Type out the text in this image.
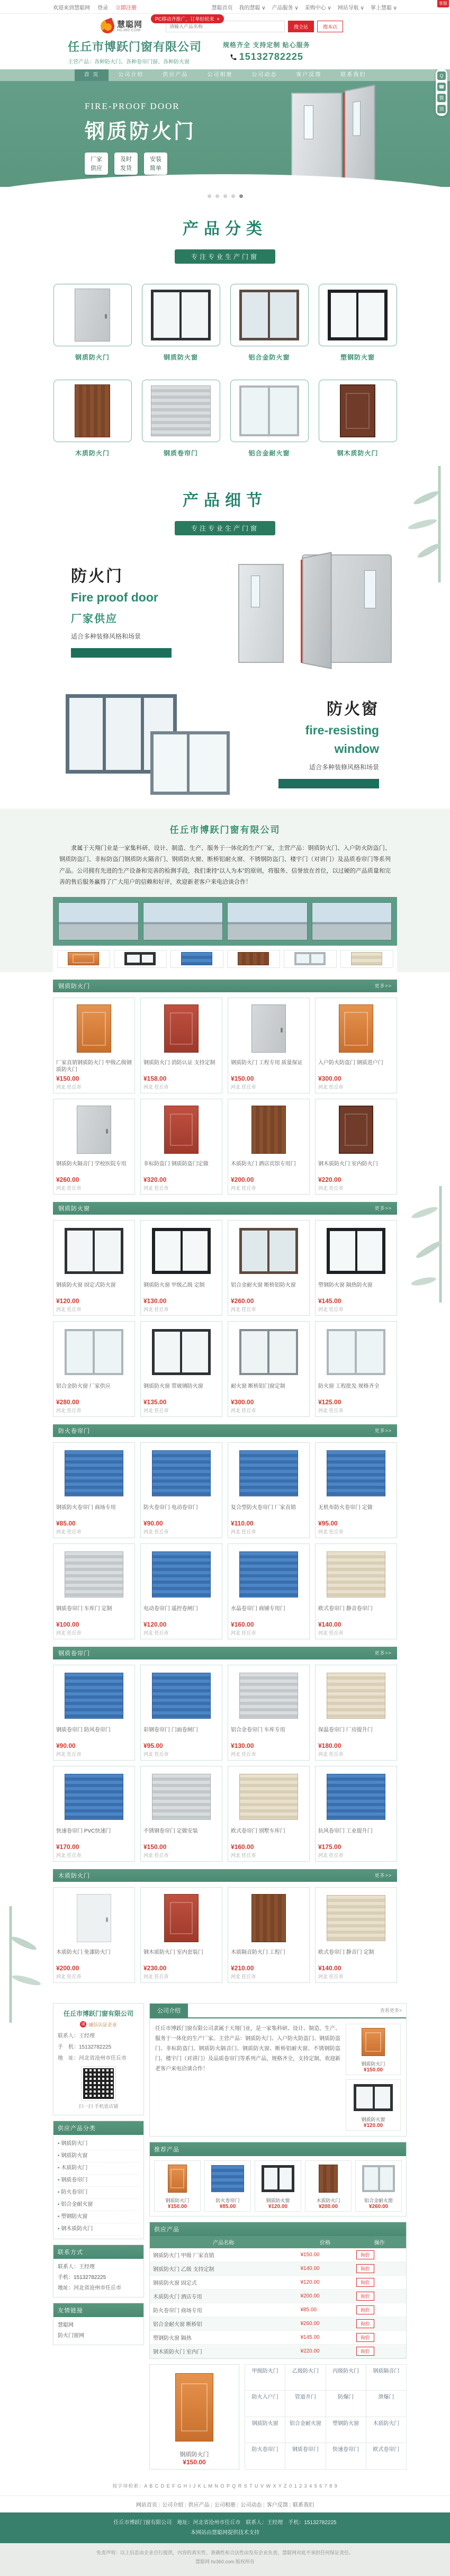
欢迎来到慧聪网 登录 立即注册	慧聪首页 我的慧聪 ∨ 产品服务 ∨ 采购中心 ∨ 网站导航 ∨ 掌上慧聪 ∨
客服
PC移动齐推广，订单轻松来 ×
慧聪网
HC360.COM
请输入产品名称
搜全站	搜本店
任丘市博跃门窗有限公司
主营产品：各种防火门、各种卷帘门窗、各种防火窗
规格齐全 支持定制 贴心服务
15132782225
首 页	公司介绍	供应产品	公司相册	公司动态	客户反馈	联系我们
FIRE-PROOF DOOR
钢质防火门
厂家
供应
及时
发货
安装
简单
Q
☎
微
顶
产品分类
专注专业生产门窗
钢质防火门	钢质防火窗	铝合金防火窗	塑钢防火窗
木质防火门	钢质卷帘门	铝合金耐火窗	钢木质防火门
产品细节
专注专业生产门窗
防火门
Fire proof door
厂家供应
适合多种装修风格和场景
防火窗
fire-resisting
window
适合多种装修风格和场景
任丘市博跃门窗有限公司
隶属于天翔门业是一家集科研、设计、制造、生产、服务于一体化的生产厂家，主营产品：钢质防火门、入户防火防盗门、钢质防盗门、非标防盗门钢质防火隔音门、钢质防火窗、断桥铝耐火窗、不锈钢防盗门、楼宇门（对讲门）及品质卷帘门等系列产品。公司拥有先进的生产设备和完善的检测手段，我们秉持“以人为本”的原则，将服务、信誉放在首位，以过硬的产品质量和完善的售后服务赢得了广大用户的信赖和好评，欢迎新老客户来电洽谈合作！
钢质防火门	更多>>
厂家直销钢质防火门 甲级乙级钢质防火门
¥150.00
河北 任丘市
钢质防火门 消防认证 支持定制
¥158.00
河北 任丘市
钢质防火门 工程专用 质量保证
¥150.00
河北 任丘市
入户防火防盗门 钢质进户门
¥300.00
河北 任丘市
钢质防火隔音门 学校医院专用
¥260.00
河北 任丘市
非标防盗门 钢质防盗门定做
¥320.00
河北 任丘市
木质防火门 酒店宾馆专用门
¥200.00
河北 任丘市
钢木质防火门 室内防火门
¥220.00
河北 任丘市
钢质防火窗	更多>>
钢质防火窗 固定式防火窗
¥120.00
河北 任丘市
钢质防火窗 甲级乙级 定制
¥130.00
河北 任丘市
铝合金耐火窗 断桥铝防火窗
¥260.00
河北 任丘市
塑钢防火窗 隔热防火窗
¥145.00
河北 任丘市
铝合金防火窗 厂家供应
¥280.00
河北 任丘市
钢质防火窗 带玻璃防火窗
¥135.00
河北 任丘市
耐火窗 断桥铝门窗定制
¥300.00
河北 任丘市
防火窗 工程批发 规格齐全
¥125.00
河北 任丘市
防火卷帘门	更多>>
钢质防火卷帘门 商场专用
¥85.00
河北 任丘市
防火卷帘门 电动卷帘门
¥90.00
河北 任丘市
复合型防火卷帘门 厂家直销
¥110.00
河北 任丘市
无机布防火卷帘门 定做
¥95.00
河北 任丘市
钢质卷帘门 车库门 定制
¥100.00
河北 任丘市
电动卷帘门 遥控卷闸门
¥120.00
河北 任丘市
水晶卷帘门 商铺专用门
¥160.00
河北 任丘市
欧式卷帘门 静音卷帘门
¥140.00
河北 任丘市
钢质卷帘门	更多>>
钢质卷帘门 防风卷帘门
¥90.00
河北 任丘市
彩钢卷帘门 门面卷闸门
¥95.00
河北 任丘市
铝合金卷帘门 车库专用
¥130.00
河北 任丘市
保温卷帘门 厂房提升门
¥180.00
河北 任丘市
快速卷帘门 PVC快速门
¥170.00
河北 任丘市
不锈钢卷帘门 定做安装
¥150.00
河北 任丘市
欧式卷帘门 别墅车库门
¥160.00
河北 任丘市
抗风卷帘门 工业提升门
¥175.00
河北 任丘市
木质防火门	更多>>
木质防火门 免漆防火门
¥200.00
河北 任丘市
钢木质防火门 室内套装门
¥230.00
河北 任丘市
木质隔音防火门 工程门
¥210.00
河北 任丘市
欧式卷帘门 静音门 定制
¥140.00
河北 任丘市
任丘市博跃门窗有限公司
诚 诚信认证企业
联系人：王经理
手　机：15132782225
地　址：河北省沧州市任丘市
扫一扫 手机逛店铺
供应产品分类
▪ 钢质防火门
▪ 钢质防火窗
▪ 木质防火门
▪ 钢质卷帘门
▪ 防火卷帘门
▪ 铝合金耐火窗
▪ 塑钢防火窗
▪ 钢木质防火门
联系方式
联系人：王经理
手机：15132782225
地址：河北省沧州市任丘市
友情链接
慧聪网
防火门窗网
公司介绍	查看更多>
任丘市博跃门窗有限公司隶属于天翔门业，是一家集科研、设计、制造、生产、服务于一体化的生产厂家。主营产品：钢质防火门、入户防火防盗门、钢质防盗门、非标防盗门、钢质防火隔音门、钢质防火窗、断桥铝耐火窗、不锈钢防盗门、楼宇门（对讲门）及品质卷帘门等系列产品，规格齐全，支持定制，欢迎新老客户来电洽谈合作！
钢质防火门
¥150.00
钢质防火窗
¥120.00
推荐产品
钢质防火门
¥150.00
防火卷帘门
¥85.00
钢质防火窗
¥120.00
木质防火门
¥200.00
铝合金耐火窗
¥260.00
供应产品
产品名称	价格	操作
钢质防火门 甲级 厂家直销	¥150.00	询价
钢质防火门 乙级 支持定制	¥140.00	询价
钢质防火窗 固定式	¥120.00	询价
木质防火门 酒店专用	¥200.00	询价
防火卷帘门 商场专用	¥85.00	询价
铝合金耐火窗 断桥铝	¥260.00	询价
塑钢防火窗 隔热	¥145.00	询价
钢木质防火门 室内门	¥220.00	询价
钢质防火门
¥150.00
甲级防火门	乙级防火门	丙级防火门	钢质隔音门
防火入户门	管道井门	防爆门	泄爆门
钢质防火窗	铝合金耐火窗	塑钢防火窗	木质防火门
防火卷帘门	钢质卷帘门	快速卷帘门	欧式卷帘门
按字母检索：A B C D E F G H I J K L M N O P Q R S T U V W X Y Z 0 1 2 3 4 5 6 7 8 9
网站首页 | 公司介绍 | 供应产品 | 公司相册 | 公司动态 | 客户反馈 | 联系我们
任丘市博跃门窗有限公司　地址：河北省沧州市任丘市　联系人：王经理　手机：15132782225
本网站由慧聪网提供技术支持
免责声明：以上信息由企业自行提供，内容的真实性、准确性和合法性由发布企业负责，慧聪网对此不承担任何保证责任。
慧聪网 hc360.com 版权所有
